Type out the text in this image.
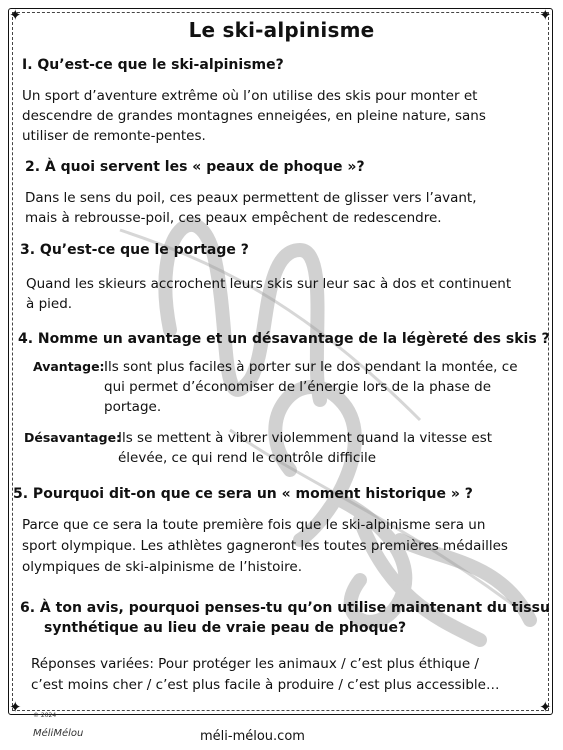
✦	✦
✦	✦
Le ski-alpinisme
I. Qu’est-ce que le ski-alpinisme?
Un sport d’aventure extrême où l’on utilise des skis pour monter et
descendre de grandes montagnes enneigées, en pleine nature, sans
utiliser de remonte-pentes.
2. À quoi servent les « peaux de phoque »?
Dans le sens du poil, ces peaux permettent de glisser vers l’avant,
mais à rebrousse-poil, ces peaux empêchent de redescendre.
3. Qu’est-ce que le portage ?
Quand les skieurs accrochent leurs skis sur leur sac à dos et continuent
à pied.
4. Nomme un avantage et un désavantage de la légèreté des skis ?
Avantage: Ils sont plus faciles à porter sur le dos pendant la montée, ce
qui permet d’économiser de l’énergie lors de la phase de
portage.
Désavantage:
Ils se mettent à vibrer violemment quand la vitesse est
élevée, ce qui rend le contrôle difficile
5. Pourquoi dit-on que ce sera un « moment historique » ?
Parce que ce sera la toute première fois que le ski-alpinisme sera un
sport olympique. Les athlètes gagneront les toutes premières médailles
olympiques de ski-alpinisme de l’histoire.
6. À ton avis, pourquoi penses-tu qu’on utilise maintenant du tissu
synthétique au lieu de vraie peau de phoque?
Réponses variées: Pour protéger les animaux / c’est plus éthique /
c’est moins cher / c’est plus facile à produire / c’est plus accessible…
© 2024
MéliMélou	méli-mélou.com
